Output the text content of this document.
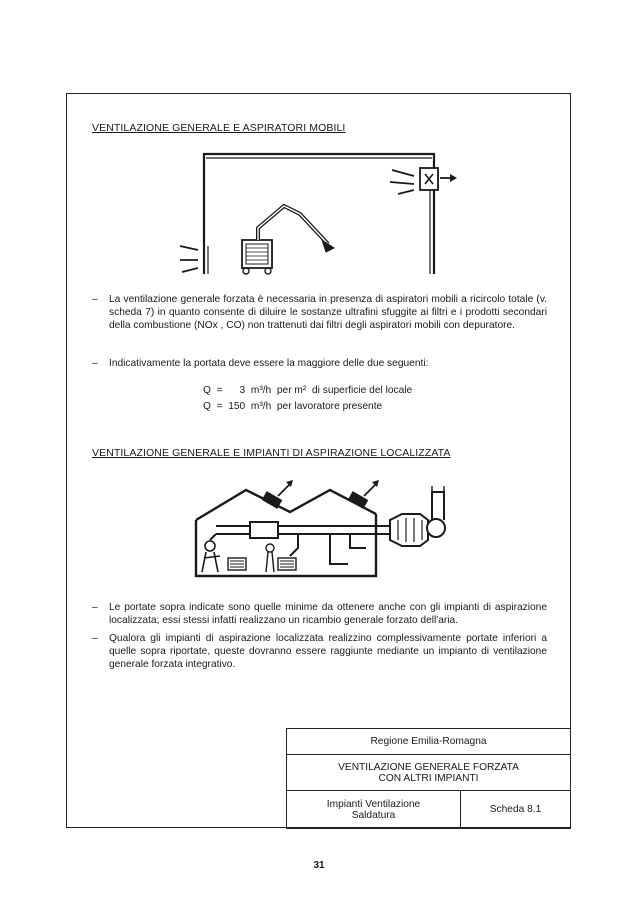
VENTILAZIONE GENERALE E ASPIRATORI MOBILI
– La ventilazione generale forzata è necessaria in presenza di aspiratori mobili a ricircolo totale (v. scheda 7) in quanto consente di diluire le sostanze ultrafini sfuggite ai filtri e i prodotti secondari della combustione (NOx , CO) non trattenuti dai filtri degli aspiratori mobili con depuratore.
– Indicativamente la portata deve essere la maggiore delle due seguenti:
Q  =      3  m³/h  per m²  di superficie del locale
Q  =  150  m³/h  per lavoratore presente
VENTILAZIONE GENERALE E IMPIANTI DI ASPIRAZIONE LOCALIZZATA
– Le portate sopra indicate sono quelle minime da ottenere anche con gli impianti di aspirazione localizzata; essi stessi infatti realizzano un ricambio generale forzato dell'aria.
– Qualora gli impianti di aspirazione localizzata realizzino complessivamente portate inferiori a quelle sopra riportate, queste dovranno essere raggiunte mediante un impianto di ventilazione generale forzata integrativo.
Regione Emilia-Romagna

VENTILAZIONE GENERALE FORZATA
CON ALTRI IMPIANTI

Impianti Ventilazione
Saldatura	Scheda 8.1
31
